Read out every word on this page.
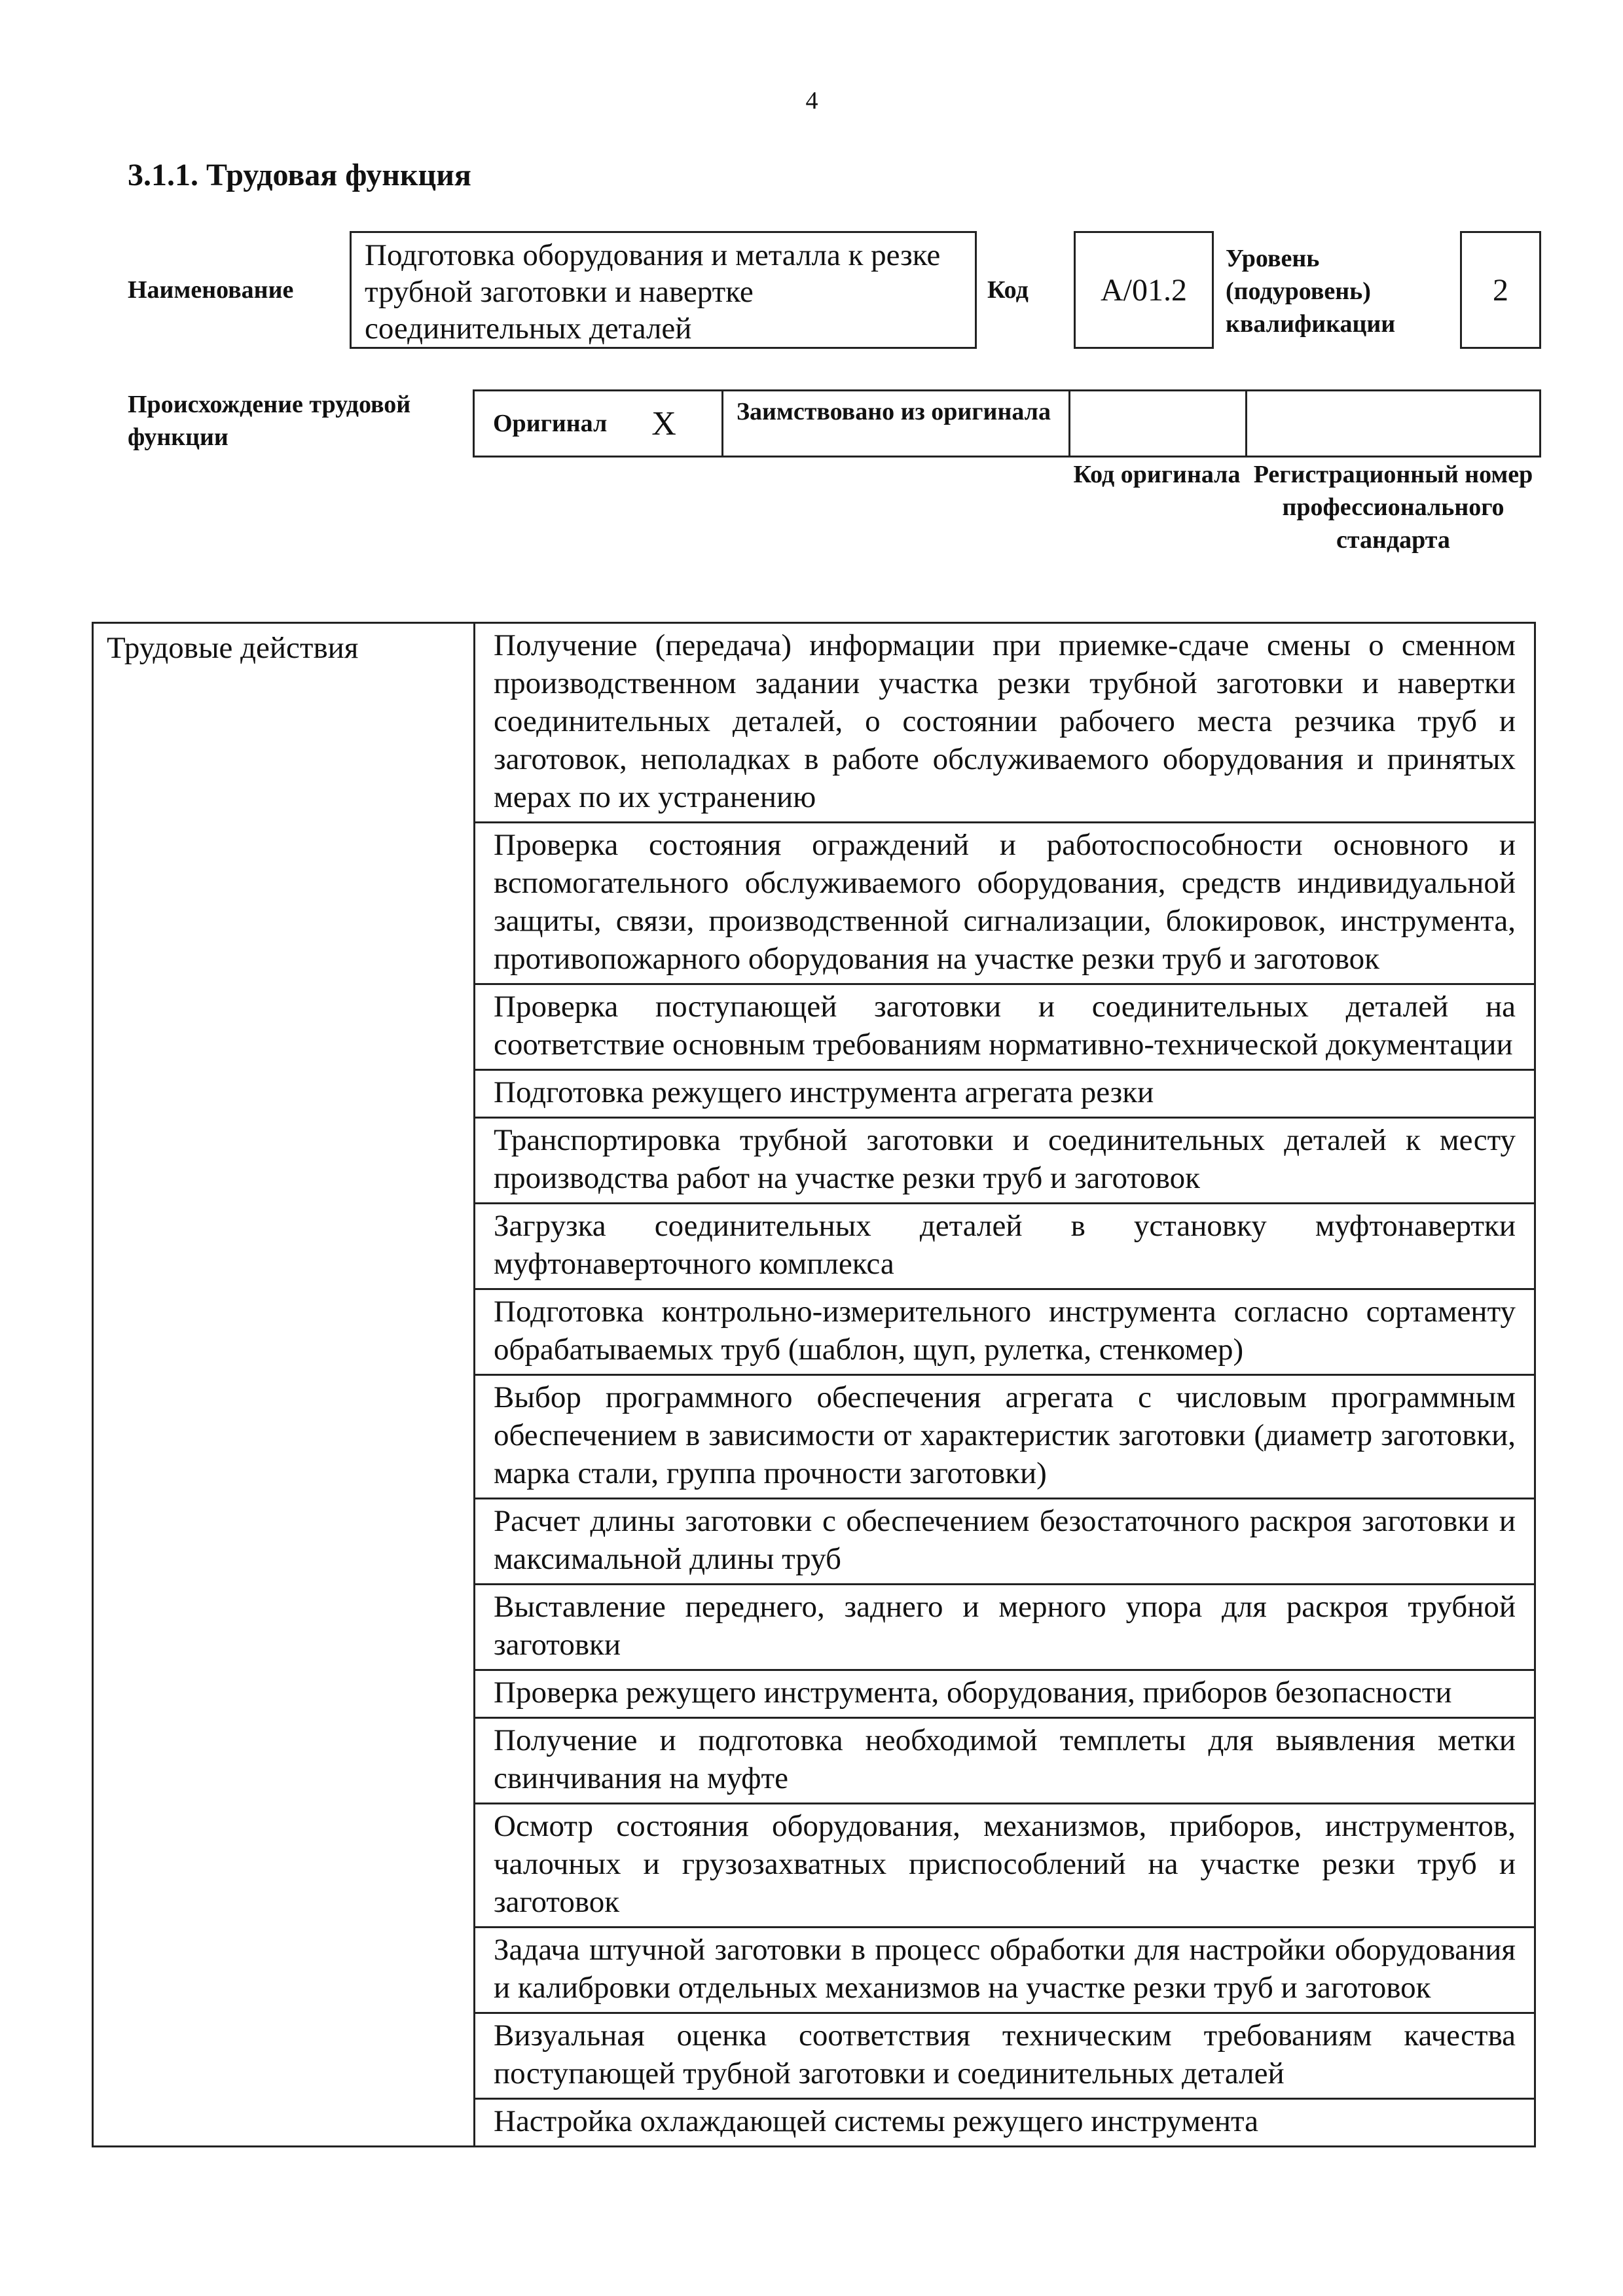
4
3.1.1. Трудовая функция
Наименование
Подготовка оборудования и металла к резке трубной заготовки и навертке соединительных деталей
Код	А/01.2
Уровень (подуровень) квалификации
2
Происхождение трудовой функции	Оригинал X	Заимствовано из оригинала
Код оригинала Регистрационный номер профессионального стандарта
Трудовые действия	Получение (передача) информации при приемке-сдаче смены о сменном производственном задании участка резки трубной заготовки и навертки соединительных деталей, о состоянии рабочего места резчика труб и заготовок, неполадках в работе обслуживаемого оборудования и принятых мерах по их устранению
Проверка состояния ограждений и работоспособности основного и вспомогательного обслуживаемого оборудования, средств индивидуальной защиты, связи, производственной сигнализации, блокировок, инструмента, противопожарного оборудования на участке резки труб и заготовок
Проверка поступающей заготовки и соединительных деталей на соответствие основным требованиям нормативно-технической документации
Подготовка режущего инструмента агрегата резки
Транспортировка трубной заготовки и соединительных деталей к месту производства работ на участке резки труб и заготовок
Загрузка соединительных деталей в установку муфтонавертки муфтонаверточного комплекса
Подготовка контрольно-измерительного инструмента согласно сортаменту обрабатываемых труб (шаблон, щуп, рулетка, стенкомер)
Выбор программного обеспечения агрегата с числовым программным обеспечением в зависимости от характеристик заготовки (диаметр заготовки, марка стали, группа прочности заготовки)
Расчет длины заготовки с обеспечением безостаточного раскроя заготовки и максимальной длины труб
Выставление переднего, заднего и мерного упора для раскроя трубной заготовки
Проверка режущего инструмента, оборудования, приборов безопасности
Получение и подготовка необходимой темплеты для выявления метки свинчивания на муфте
Осмотр состояния оборудования, механизмов, приборов, инструментов, чалочных и грузозахватных приспособлений на участке резки труб и заготовок
Задача штучной заготовки в процесс обработки для настройки оборудования и калибровки отдельных механизмов на участке резки труб и заготовок
Визуальная оценка соответствия техническим требованиям качества поступающей трубной заготовки и соединительных деталей
Настройка охлаждающей системы режущего инструмента
